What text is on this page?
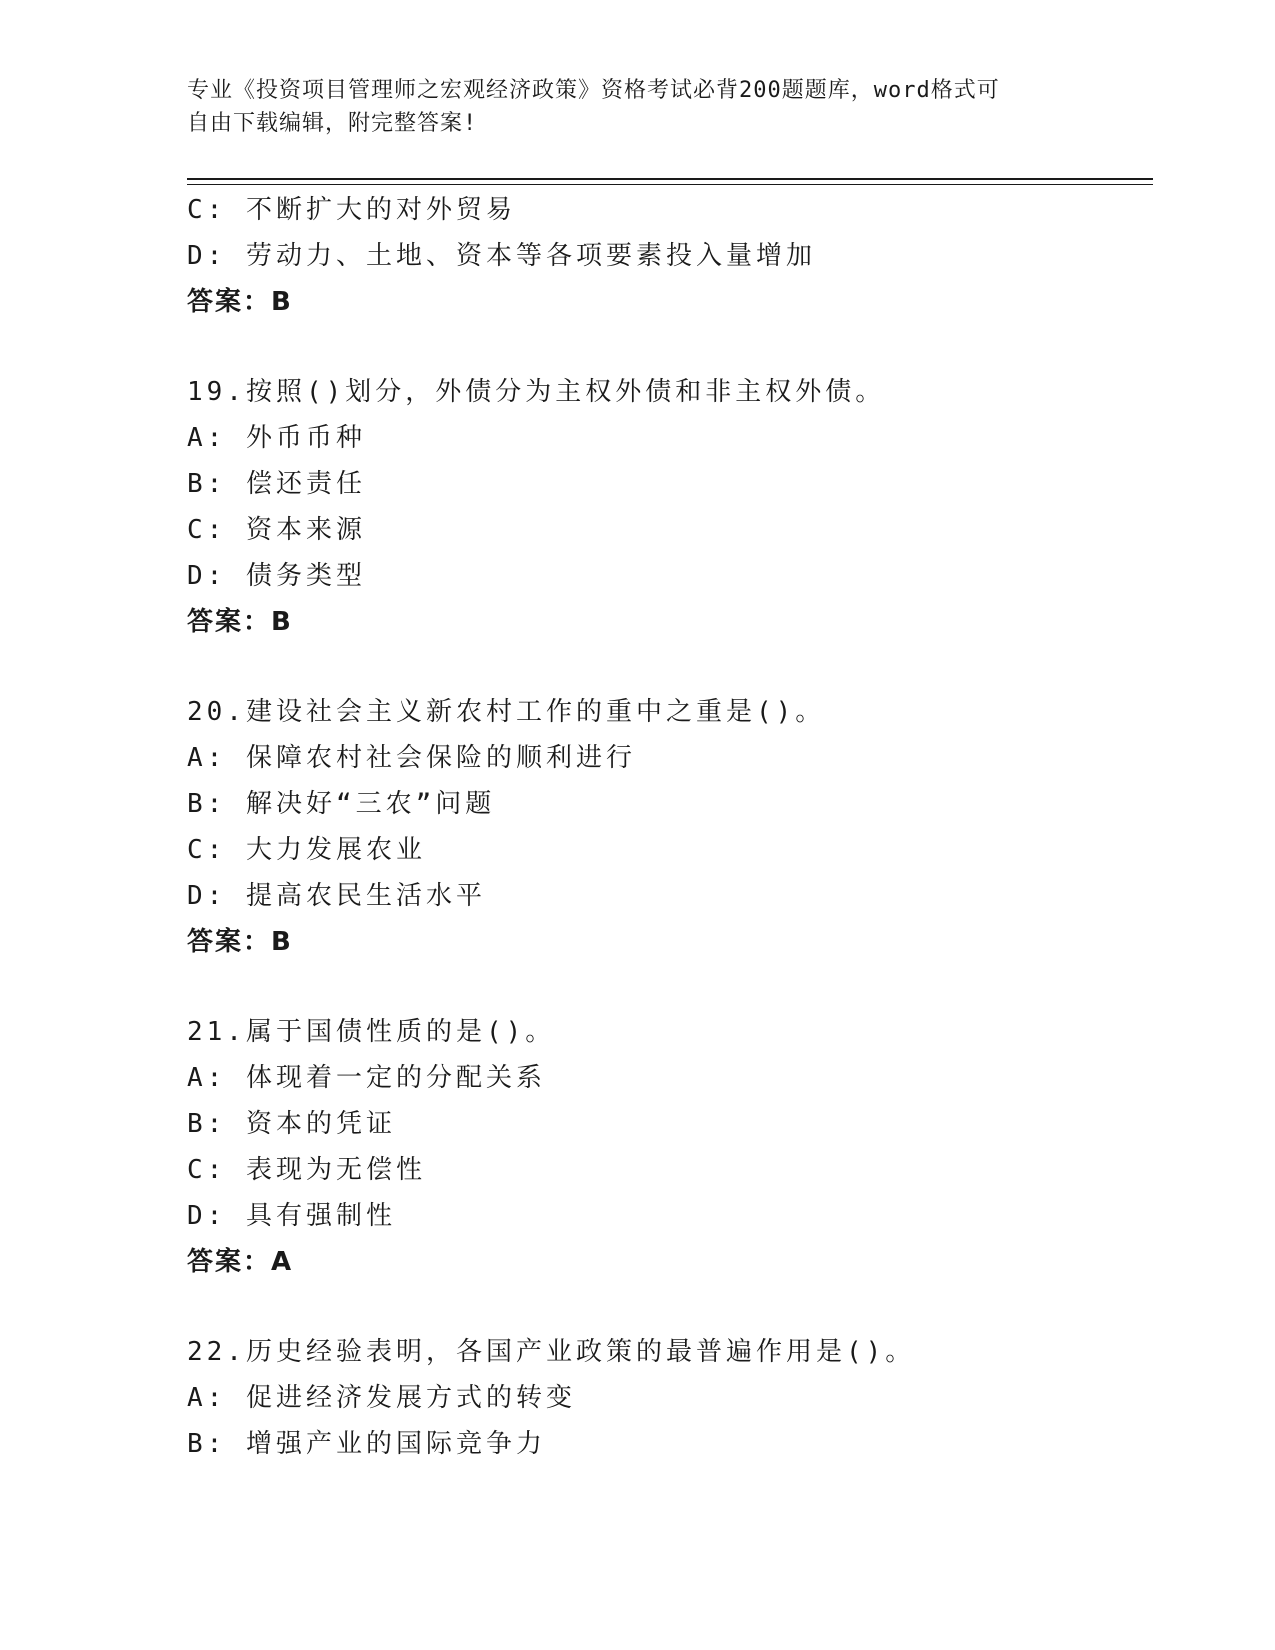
专业《投资项目管理师之宏观经济政策》资格考试必背200题题库，word格式可
自由下载编辑，附完整答案!
C: 不断扩大的对外贸易
D: 劳动力、土地、资本等各项要素投入量增加
答案：B
19.按照()划分，外债分为主权外债和非主权外债。
A: 外币币种
B: 偿还责任
C: 资本来源
D: 债务类型
答案：B
20.建设社会主义新农村工作的重中之重是()。
A: 保障农村社会保险的顺利进行
B: 解决好“三农”问题
C: 大力发展农业
D: 提高农民生活水平
答案：B
21.属于国债性质的是()。
A: 体现着一定的分配关系
B: 资本的凭证
C: 表现为无偿性
D: 具有强制性
答案：A
22.历史经验表明，各国产业政策的最普遍作用是()。
A: 促进经济发展方式的转变
B: 增强产业的国际竞争力
